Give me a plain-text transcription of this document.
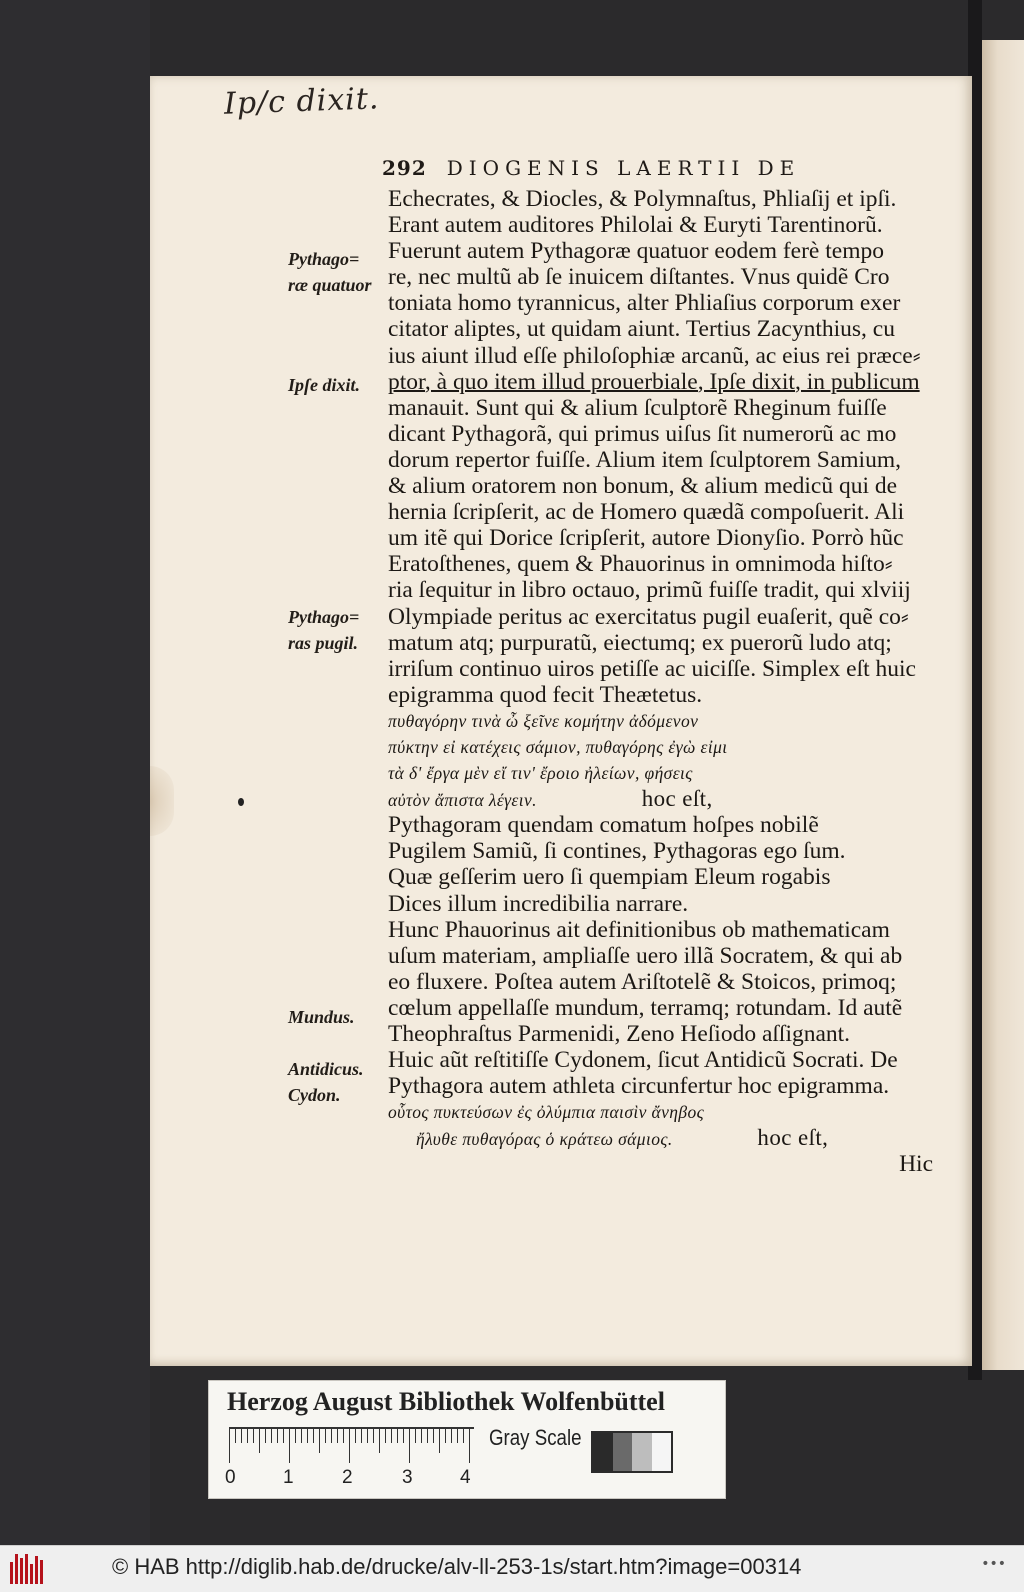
Ip/c dixit.
292 DIOGENIS LAERTII DE
Pythago=
ræ quatuor
Ipſe dixit.
Pythago=
ras pugil.
Mundus.
Antidicus.
Cydon.
Echecrates, & Diocles, & Polymnaſtus, Phliaſij et ipſi.
Erant autem auditores Philolai & Euryti Tarentinorũ.
Fuerunt autem Pythagoræ quatuor eodem ferè tempo
re, nec multũ ab ſe inuicem diſtantes. Vnus quidẽ Cro
toniata homo tyrannicus, alter Phliaſius corporum exer
citator aliptes, ut quidam aiunt. Tertius Zacynthius, cu
ius aiunt illud eſſe philoſophiæ arcanũ, ac eius rei præce⸗
ptor, à quo item illud prouerbiale, Ipſe dixit, in publicum
manauit. Sunt qui & alium ſculptorẽ Rheginum fuiſſe
dicant Pythagorã, qui primus uiſus ſit numerorũ ac mo
dorum repertor fuiſſe. Alium item ſculptorem Samium,
& alium oratorem non bonum, & alium medicũ qui de
hernia ſcripſerit, ac de Homero quædã compoſuerit. Ali
um itẽ qui Dorice ſcripſerit, autore Dionyſio. Porrò hũc
Eratoſthenes, quem & Phauorinus in omnimoda hiſto⸗
ria ſequitur in libro octauo, primũ fuiſſe tradit, qui xlviij
Olympiade peritus ac exercitatus pugil euaſerit, quẽ co⸗
matum atq; purpuratũ, eiectumq; ex puerorũ ludo atq;
irriſum continuo uiros petiſſe ac uiciſſe. Simplex eſt huic
epigramma quod fecit Theætetus.
πυθαγόρην τινὰ ὦ ξεῖνε κομήτην ἀδόμενον
πύκτην εἰ κατέχεις σάμιον, πυθαγόρης ἐγὼ εἰμι
τὰ δ' ἔργα μὲν εἴ τιν' ἔροιο ἠλείων, φήσεις
αὐτὸν ἄπιστα λέγειν.	hoc eſt,
Pythagoram quendam comatum hoſpes nobilẽ
Pugilem Samiũ, ſi contines, Pythagoras ego ſum.
Quæ geſſerim uero ſi quempiam Eleum rogabis
Dices illum incredibilia narrare.
Hunc Phauorinus ait definitionibus ob mathematicam
uſum materiam, ampliaſſe uero illã Socratem, & qui ab
eo fluxere. Poſtea autem Ariſtotelẽ & Stoicos, primoq;
cœlum appellaſſe mundum, terramq; rotundam. Id autẽ
Theophraſtus Parmenidi, Zeno Heſiodo aſſignant.
Huic aũt reſtitiſſe Cydonem, ſicut Antidicũ Socrati. De
Pythagora autem athleta circunfertur hoc epigramma.
οὗτος πυκτεύσων ἐς ὀλύμπια παισὶν ἄνηβος
ἤλυθε πυθαγόρας ὁ κράτεω σάμιος.	hoc eſt,
Hic
Herzog August Bibliothek Wolfenbüttel
0 1	2	3 4
Gray Scale
© HAB http://diglib.hab.de/drucke/alv-ll-253-1s/start.htm?image=00314	•••
